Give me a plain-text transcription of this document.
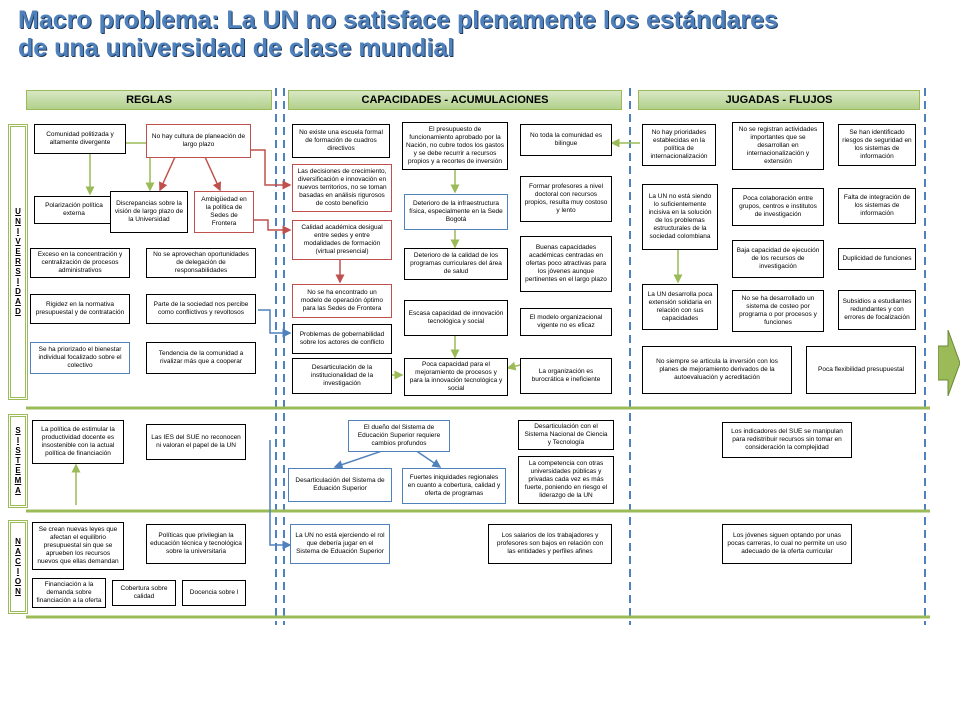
Macro problema: La UN no satisface plenamente los estándares
de una universidad de clase mundial
REGLAS	CAPACIDADES - ACUMULACIONES	JUGADAS - FLUJOS
U
N
I
V
E
R
S
I
D
A
D
S
I
S
T
E
M
A
N
A
C
I
O
N
Comunidad politizada y altamente divergente
No hay cultura de planeación de largo plazo
Polarización política externa
Discrepancias sobre la visión de largo plazo de la Universidad
Ambigüedad en la política de Sedes de Frontera
Exceso en la concentración y centralización de procesos administrativos
No se aprovechan oportunidades de delegación de responsabilidades
Rigidez en la normativa presupuestal y de contratación
Parte de la sociedad nos percibe como conflictivos y revoltosos
Se ha priorizado el bienestar individual focalizado sobre el colectivo
Tendencia de la comunidad a rivalizar más que a cooperar
No existe una escuela formal de formación de cuadros directivos
El presupuesto de funcionamiento aprobado por la Nación, no cubre todos los gastos y se debe recurrir a recursos propios y a recortes de inversión
No toda la comunidad es bilingue
Las decisiones de crecimiento, diversificación e innovación en nuevos territorios, no se toman basadas en análisis rigurosos de costo beneficio
Formar profesores a nivel doctoral con recursos propios, resulta muy costoso y lento
Deterioro de la infraestructura física, especialmente en la Sede Bogotá
Calidad académica desigual entre sedes y entre modalidades de formación (virtual presencial)
Deterioro de la calidad de los programas curriculares del área de salud
Buenas capacidades académicas centradas en ofertas poco atractivas para los jóvenes aunque pertinentes en el largo plazo
No se ha encontrado un modelo de operación óptimo para las Sedes de Frontera
Escasa capacidad de innovación tecnológica y social
El modelo organizacional vigente no es eficaz
Problemas de gobernabilidad sobre los actores de conflicto
Desarticulación de la institucionalidad de la investigación
Poca capacidad para el mejoramiento de procesos y para la innovación tecnológica y social
La organización es burocrática e ineficiente
No hay prioridades establecidas en la política de internacionalización
No se registran actividades importantes que se desarrollan en internacionalización y extensión
Se han identificado riesgos de seguridad en los sistemas de información
La UN no está siendo lo suficientemente incisiva en la solución de los problemas estructurales de la sociedad colombiana
Poca colaboración entre grupos, centros e institutos de investigación
Falta de integración de los sistemas de información
Baja capacidad de ejecución de los recursos de investigación
Duplicidad de funciones
La UN desarrolla poca extensión solidaria en relación con sus capacidades
No se ha desarrollado un sistema de costeo por programa o por procesos y funciones
Subsidios a estudiantes redundantes y con errores de focalización
No siempre se articula la inversión con los planes de mejoramiento derivados de la autoevaluación y acreditación
Poca flexibilidad presupuestal
La política de estimular la productividad docente es insostenible con la actual política de financiación
Las IES del SUE no reconocen ni valoran el papel de la UN
El dueño del Sistema de Educación Superior requiere cambios profundos
Desarticulación con el Sistema Nacional de Ciencia y Tecnología
Los indicadores del SUE se manipulan para redistribuir recursos sin tomar en consideración la complejidad
La competencia con otras universidades públicas y privadas cada vez es más fuerte, poniendo en riesgo el liderazgo de la UN
Desarticulación del Sistema de Eduación Superior
Fuertes iniquidades regionales en cuanto a cobertura, calidad y oferta de programas
Se crean nuevas leyes que afectan el equilibrio presupuestal sin que se aprueben los recursos nuevos que ellas demandan
Políticas que privilegian la educación técnica y tecnológica sobre la universitaria
La UN no está ejerciendo el rol que debería jugar en el Sistema de Eduación Superior
Los salarios de los trabajadores y profesores son bajos en relación con las entidades y perfiles afines
Los jóvenes siguen optando por unas pocas carreras, lo cual no permite un uso adecuado de la oferta curricular
Financiación a la demanda sobre financiación a la oferta
Cobertura sobre calidad
Docencia sobre l
